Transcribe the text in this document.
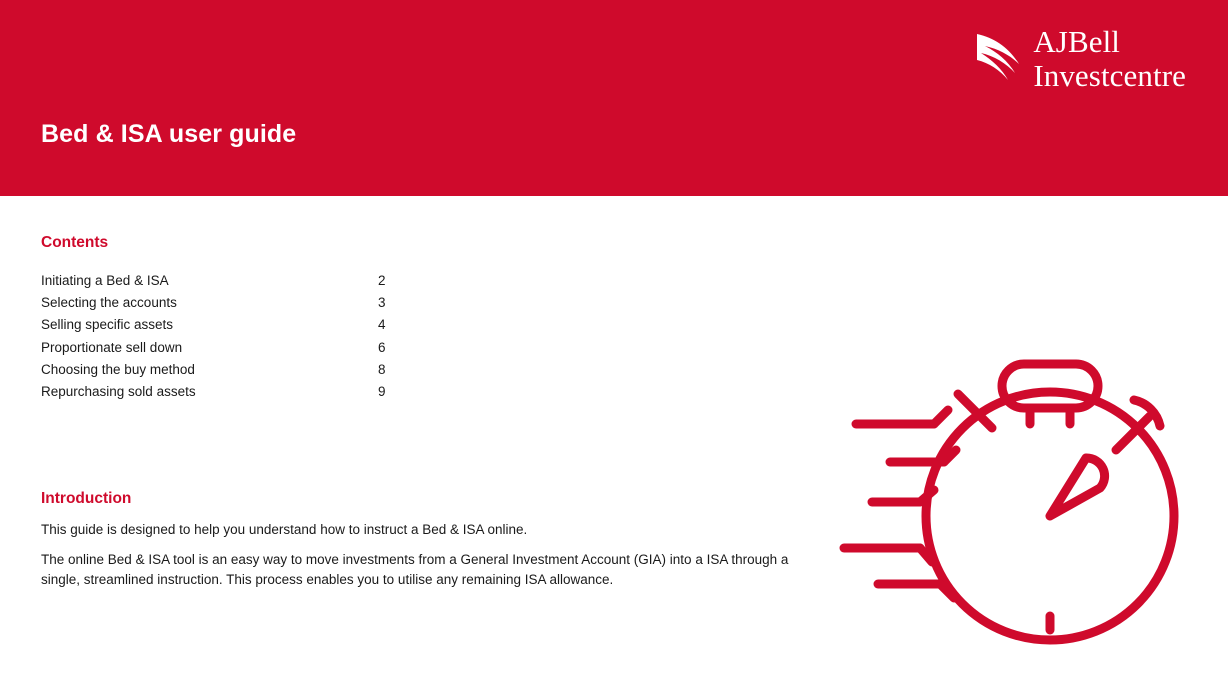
AJBell
Investcentre
Bed & ISA user guide
Contents
Initiating a Bed & ISA	2
Selecting the accounts	3
Selling specific assets	4
Proportionate sell down	6
Choosing the buy method	8
Repurchasing sold assets	9
Introduction
This guide is designed to help you understand how to instruct a Bed & ISA online.
The online Bed & ISA tool is an easy way to move investments from a General Investment Account (GIA) into a ISA through a single, streamlined instruction. This process enables you to utilise any remaining ISA allowance.
